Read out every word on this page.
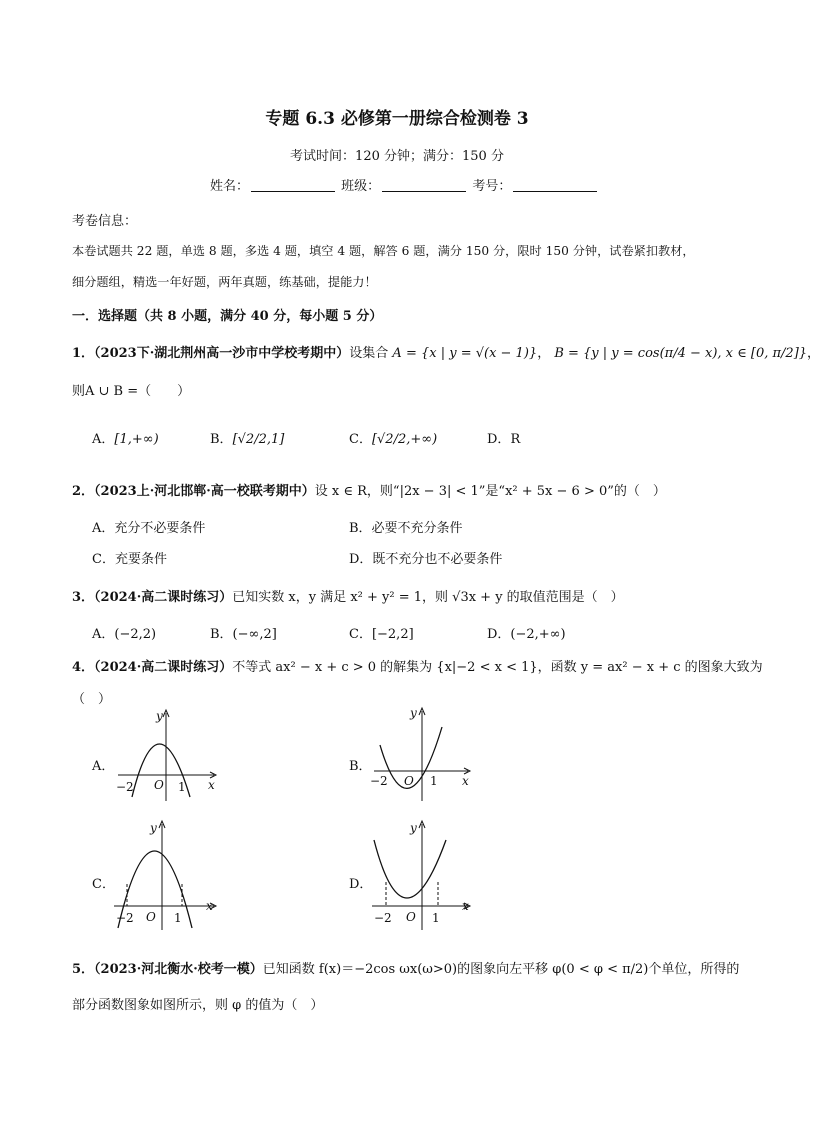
专题 6.3 必修第一册综合检测卷 3
考试时间：120 分钟；满分：150 分
姓名：	班级：	考号：
考卷信息：
本卷试题共 22 题，单选 8 题，多选 4 题，填空 4 题，解答 6 题，满分 150 分，限时 150 分钟，试卷紧扣教材，
细分题组，精选一年好题，两年真题，练基础，提能力！
一．选择题（共 8 小题，满分 40 分，每小题 5 分）
1．（2023下·湖北荆州高一沙市中学校考期中）设集合 A = {x | y = √(x − 1)}， B = {y | y = cos(π/4 − x), x ∈ [0, π/2]}，
则A ∪ B =（　　）
A．[1,+∞)	B．[√2/2,1]	C．[√2/2,+∞)	D．R
2．（2023上·河北邯郸·高一校联考期中）设 x ∈ R，则“|2x − 3| < 1”是“x² + 5x − 6 > 0”的（　）
A．充分不必要条件	B．必要不充分条件
C．充要条件	D．既不充分也不必要条件
3．（2024·高二课时练习）已知实数 x，y 满足 x² + y² = 1，则 √3x + y 的取值范围是（　）
A．(−2,2)	B．(−∞,2]	C．[−2,2]	D．(−2,+∞)
4．（2024·高二课时练习）不等式 ax² − x + c > 0 的解集为 {x|−2 < x < 1}，函数 y = ax² − x + c 的图象大致为
（　）
A．
y
x
O
−2	1
B．
y
x
O
−2	1
C．
y
x
O
−2	1
D．
y
x
O
−2	1
5．（2023·河北衡水·校考一模）已知函数 f(x)＝−2cos ωx(ω>0)的图象向左平移 φ(0 < φ < π/2)个单位，所得的
部分函数图象如图所示，则 φ 的值为（　）
